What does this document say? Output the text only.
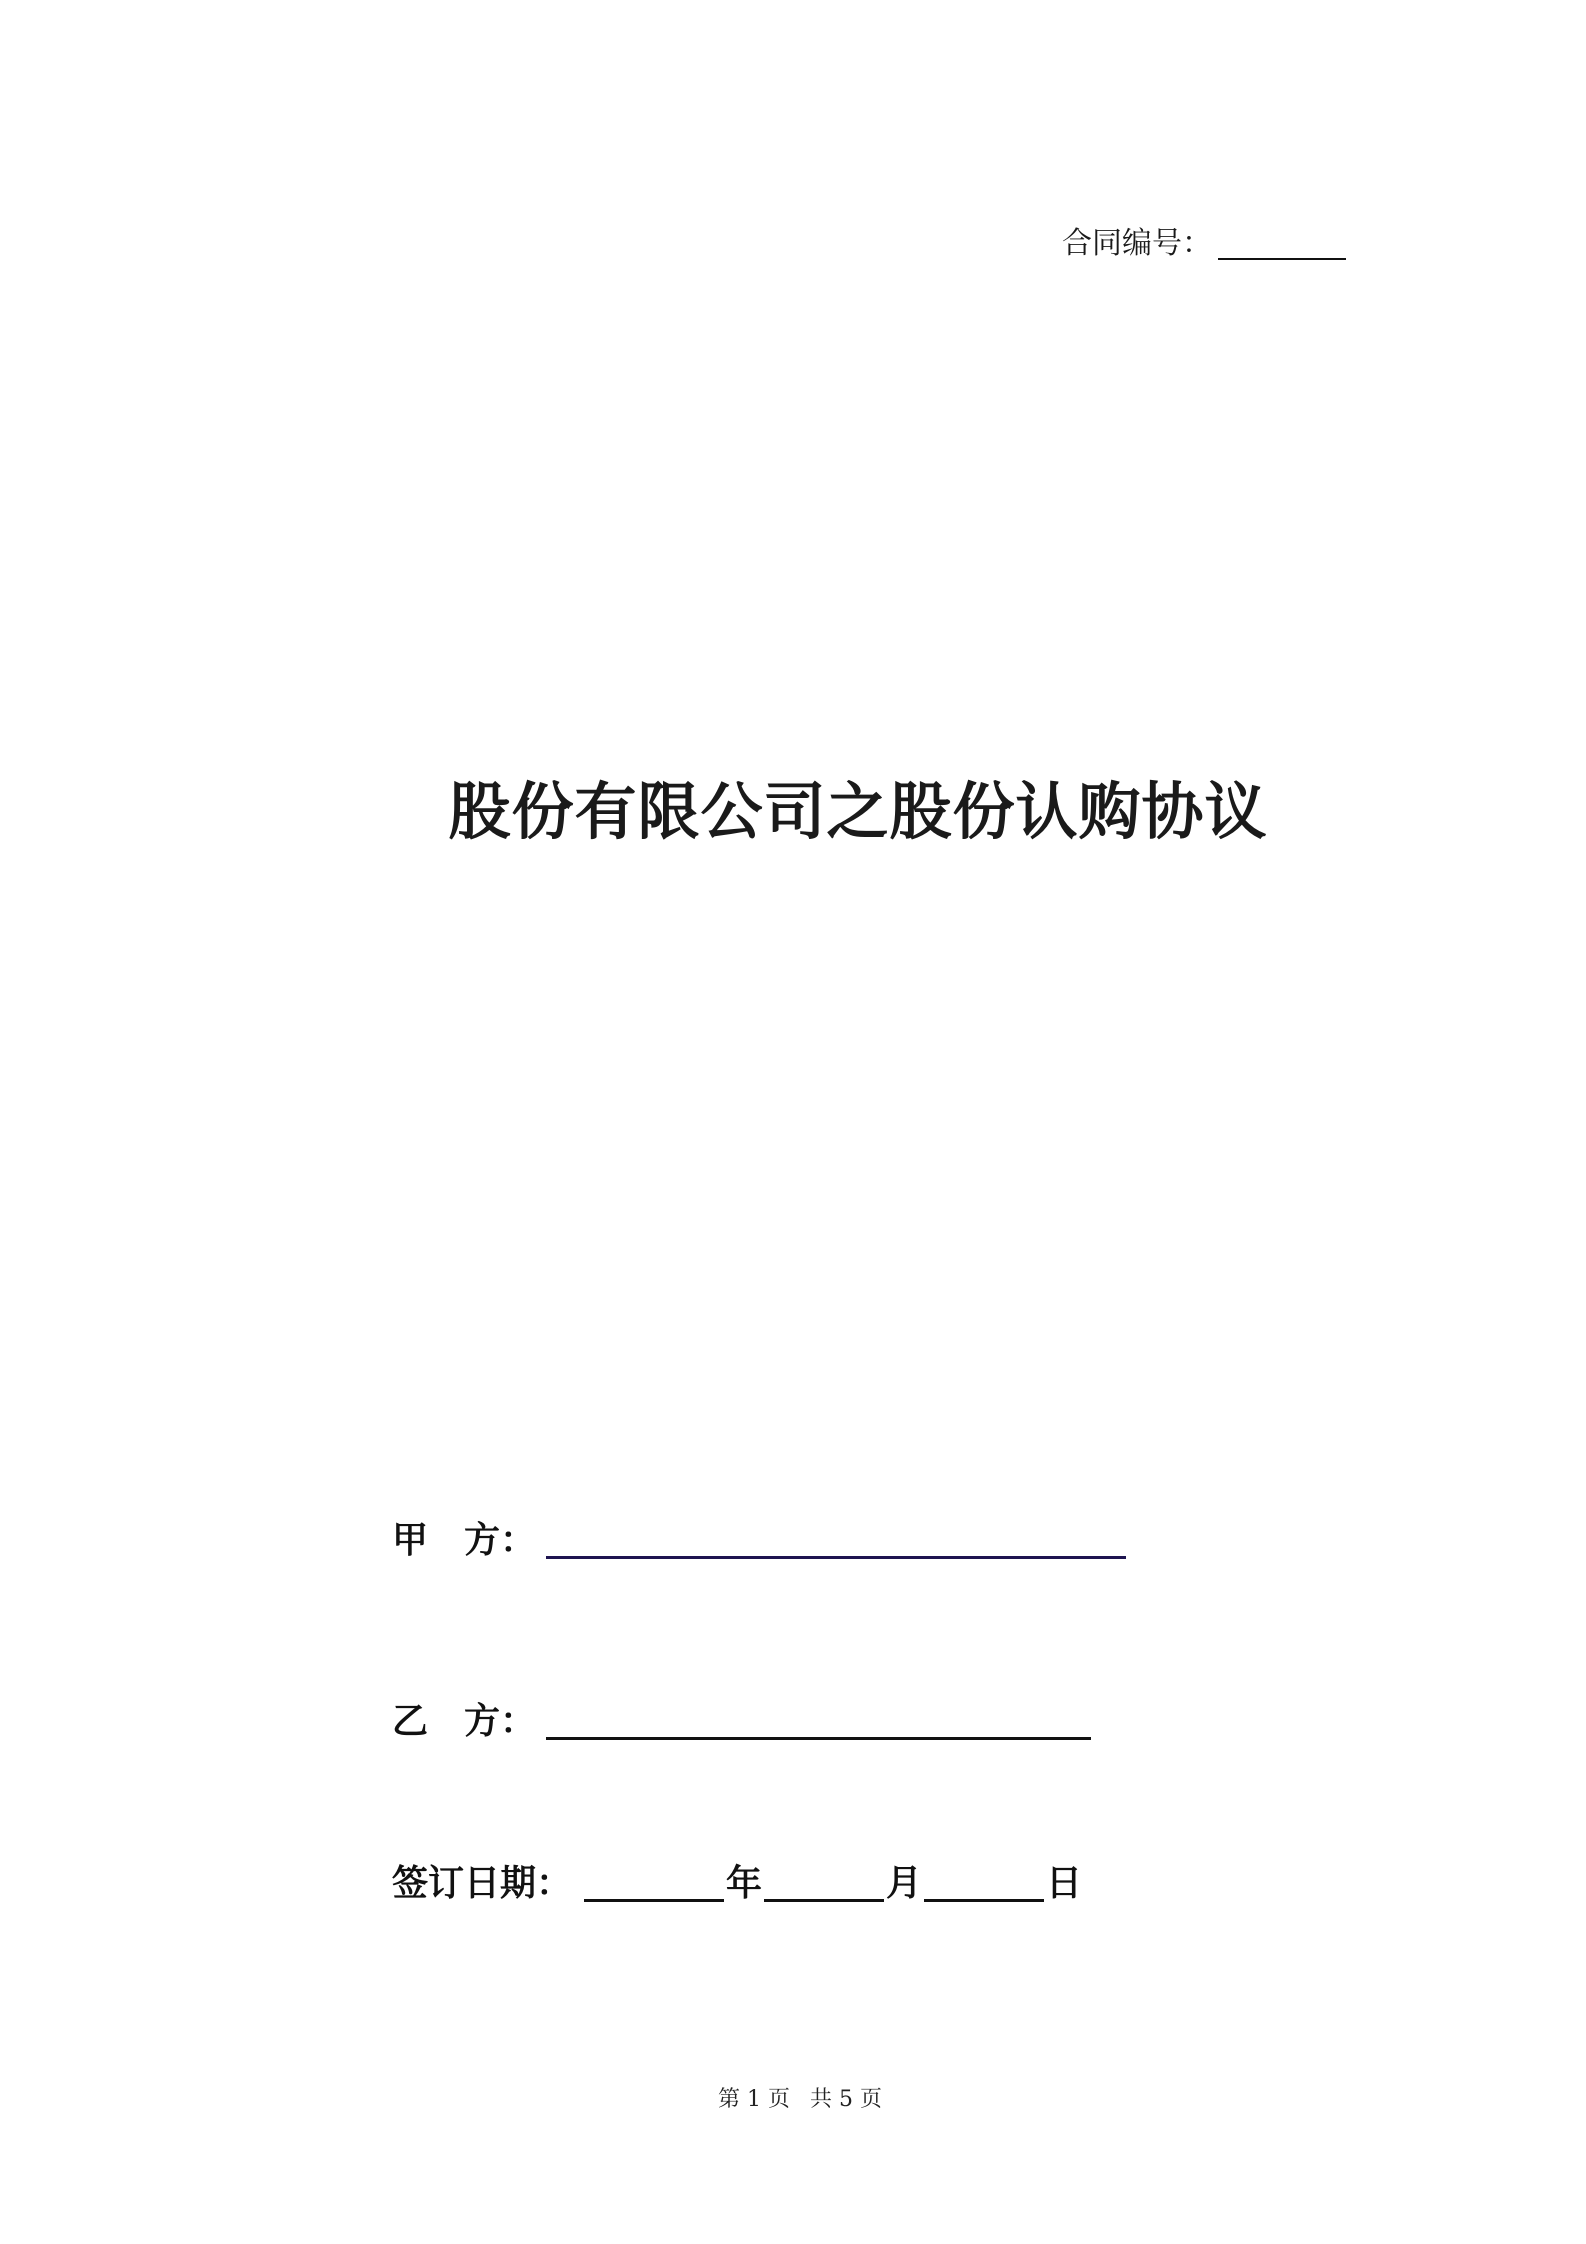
合同编号：
股份有限公司之股份认购协议
甲　方：
乙　方：
签订日期：	年	月	日
第 1 页 共 5 页
